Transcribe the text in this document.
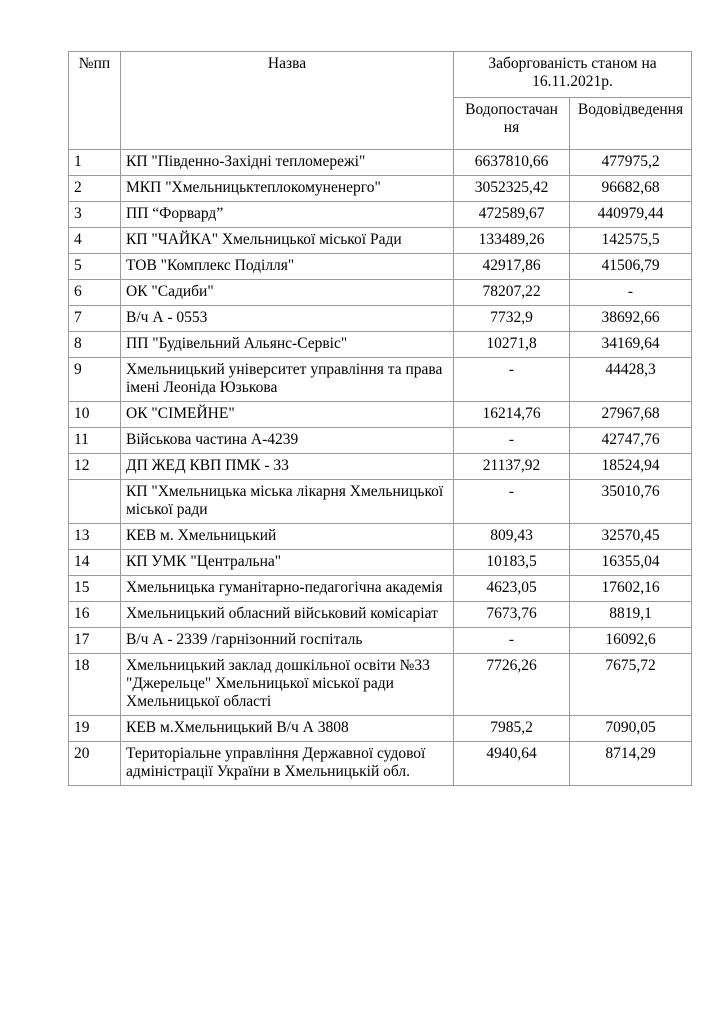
№пп	Назва	Заборгованість станом на 16.11.2021р.	
		Водопостачан ня	Водовідведення
1	КП "Південно-Західні тепломережі"	6637810,66	477975,2
2	МКП "Хмельницьктеплокомуненерго"	3052325,42	96682,68
3	ПП “Форвард”	472589,67	440979,44
4	КП "ЧАЙКА" Хмельницької міської Ради	133489,26	142575,5
5	ТОВ "Комплекс Поділля"	42917,86	41506,79
6	ОК "Садиби"	78207,22	-
7	В/ч А - 0553	7732,9	38692,66
8	ПП "Будівельний Альянс-Сервіс"	10271,8	34169,64
9	Хмельницький університет управління та права імені Леоніда Юзькова	-	44428,3
10	ОК "СІМЕЙНЕ"	16214,76	27967,68
11	Військова частина А-4239	-	42747,76
12	ДП ЖЕД КВП ПМК - 33	21137,92	18524,94
	КП "Хмельницька міська лікарня Хмельницької міської ради	-	35010,76
13	КЕВ м. Хмельницький	809,43	32570,45
14	КП УМК "Центральна"	10183,5	16355,04
15	Хмельницька гуманітарно-педагогічна академія	4623,05	17602,16
16	Хмельницький обласний військовий комісаріат	7673,76	8819,1
17	В/ч А - 2339 /гарнізонний госпіталь	-	16092,6
18	Хмельницький заклад дошкільної освіти №33 "Джерельце" Хмельницької міської ради Хмельницької області	7726,26	7675,72
19	КЕВ м.Хмельницький В/ч А 3808	7985,2	7090,05
20	Територіальне управління Державної судової адміністрації України в Хмельницькій обл.	4940,64	8714,29
